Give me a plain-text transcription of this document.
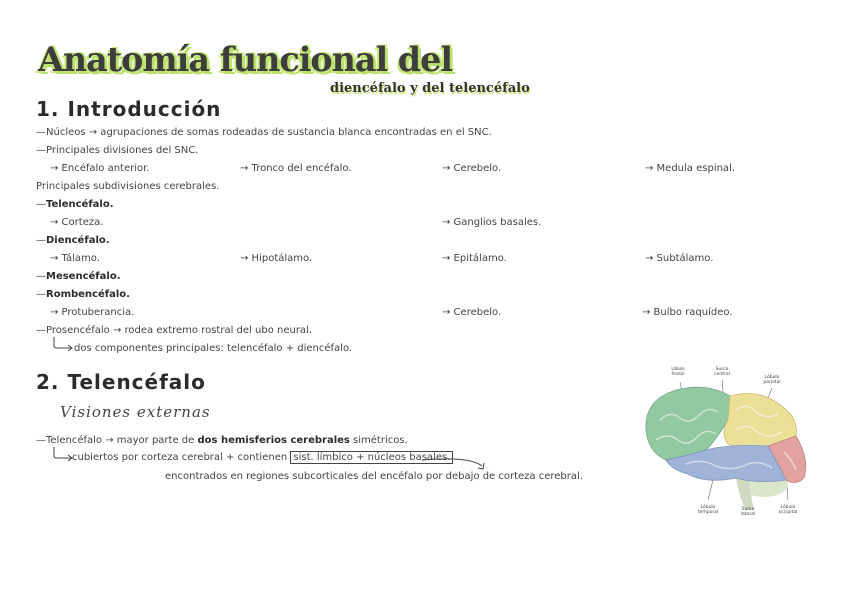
Anatomía funcional del
diencéfalo y del telencéfalo
1. Introducción
—Núcleos → agrupaciones de somas rodeadas de sustancia blanca encontradas en el SNC.
—Principales divisiones del SNC.
→ Encéfalo anterior.	→ Tronco del encéfalo.	→ Cerebelo.	→ Medula espinal.
Principales subdivisiones cerebrales.
—Telencéfalo.
→ Corteza.	→ Ganglios basales.
—Diencéfalo.
→ Tálamo.	→ Hipotálamo.	→ Epitálamo.	→ Subtálamo.
—Mesencéfalo.
—Rombencéfalo.
→ Protuberancia.	→ Cerebelo.	→ Bulbo raquídeo.
—Prosencéfalo → rodea extremo rostral del ubo neural.
dos componentes principales: telencéfalo + diencéfalo.
2. Telencéfalo
Visiones externas
—Telencéfalo → mayor parte de dos hemisferios cerebrales simétricos.
cubiertos por corteza cerebral + contienen sist. límbico + núcleos basales.
encontrados en regiones subcorticales del encéfalo por debajo de corteza cerebral.
Lóbulo frontal
Surco central
Lóbulo parietal
Lóbulo temporal
Surco lateral
Lóbulo occipital
